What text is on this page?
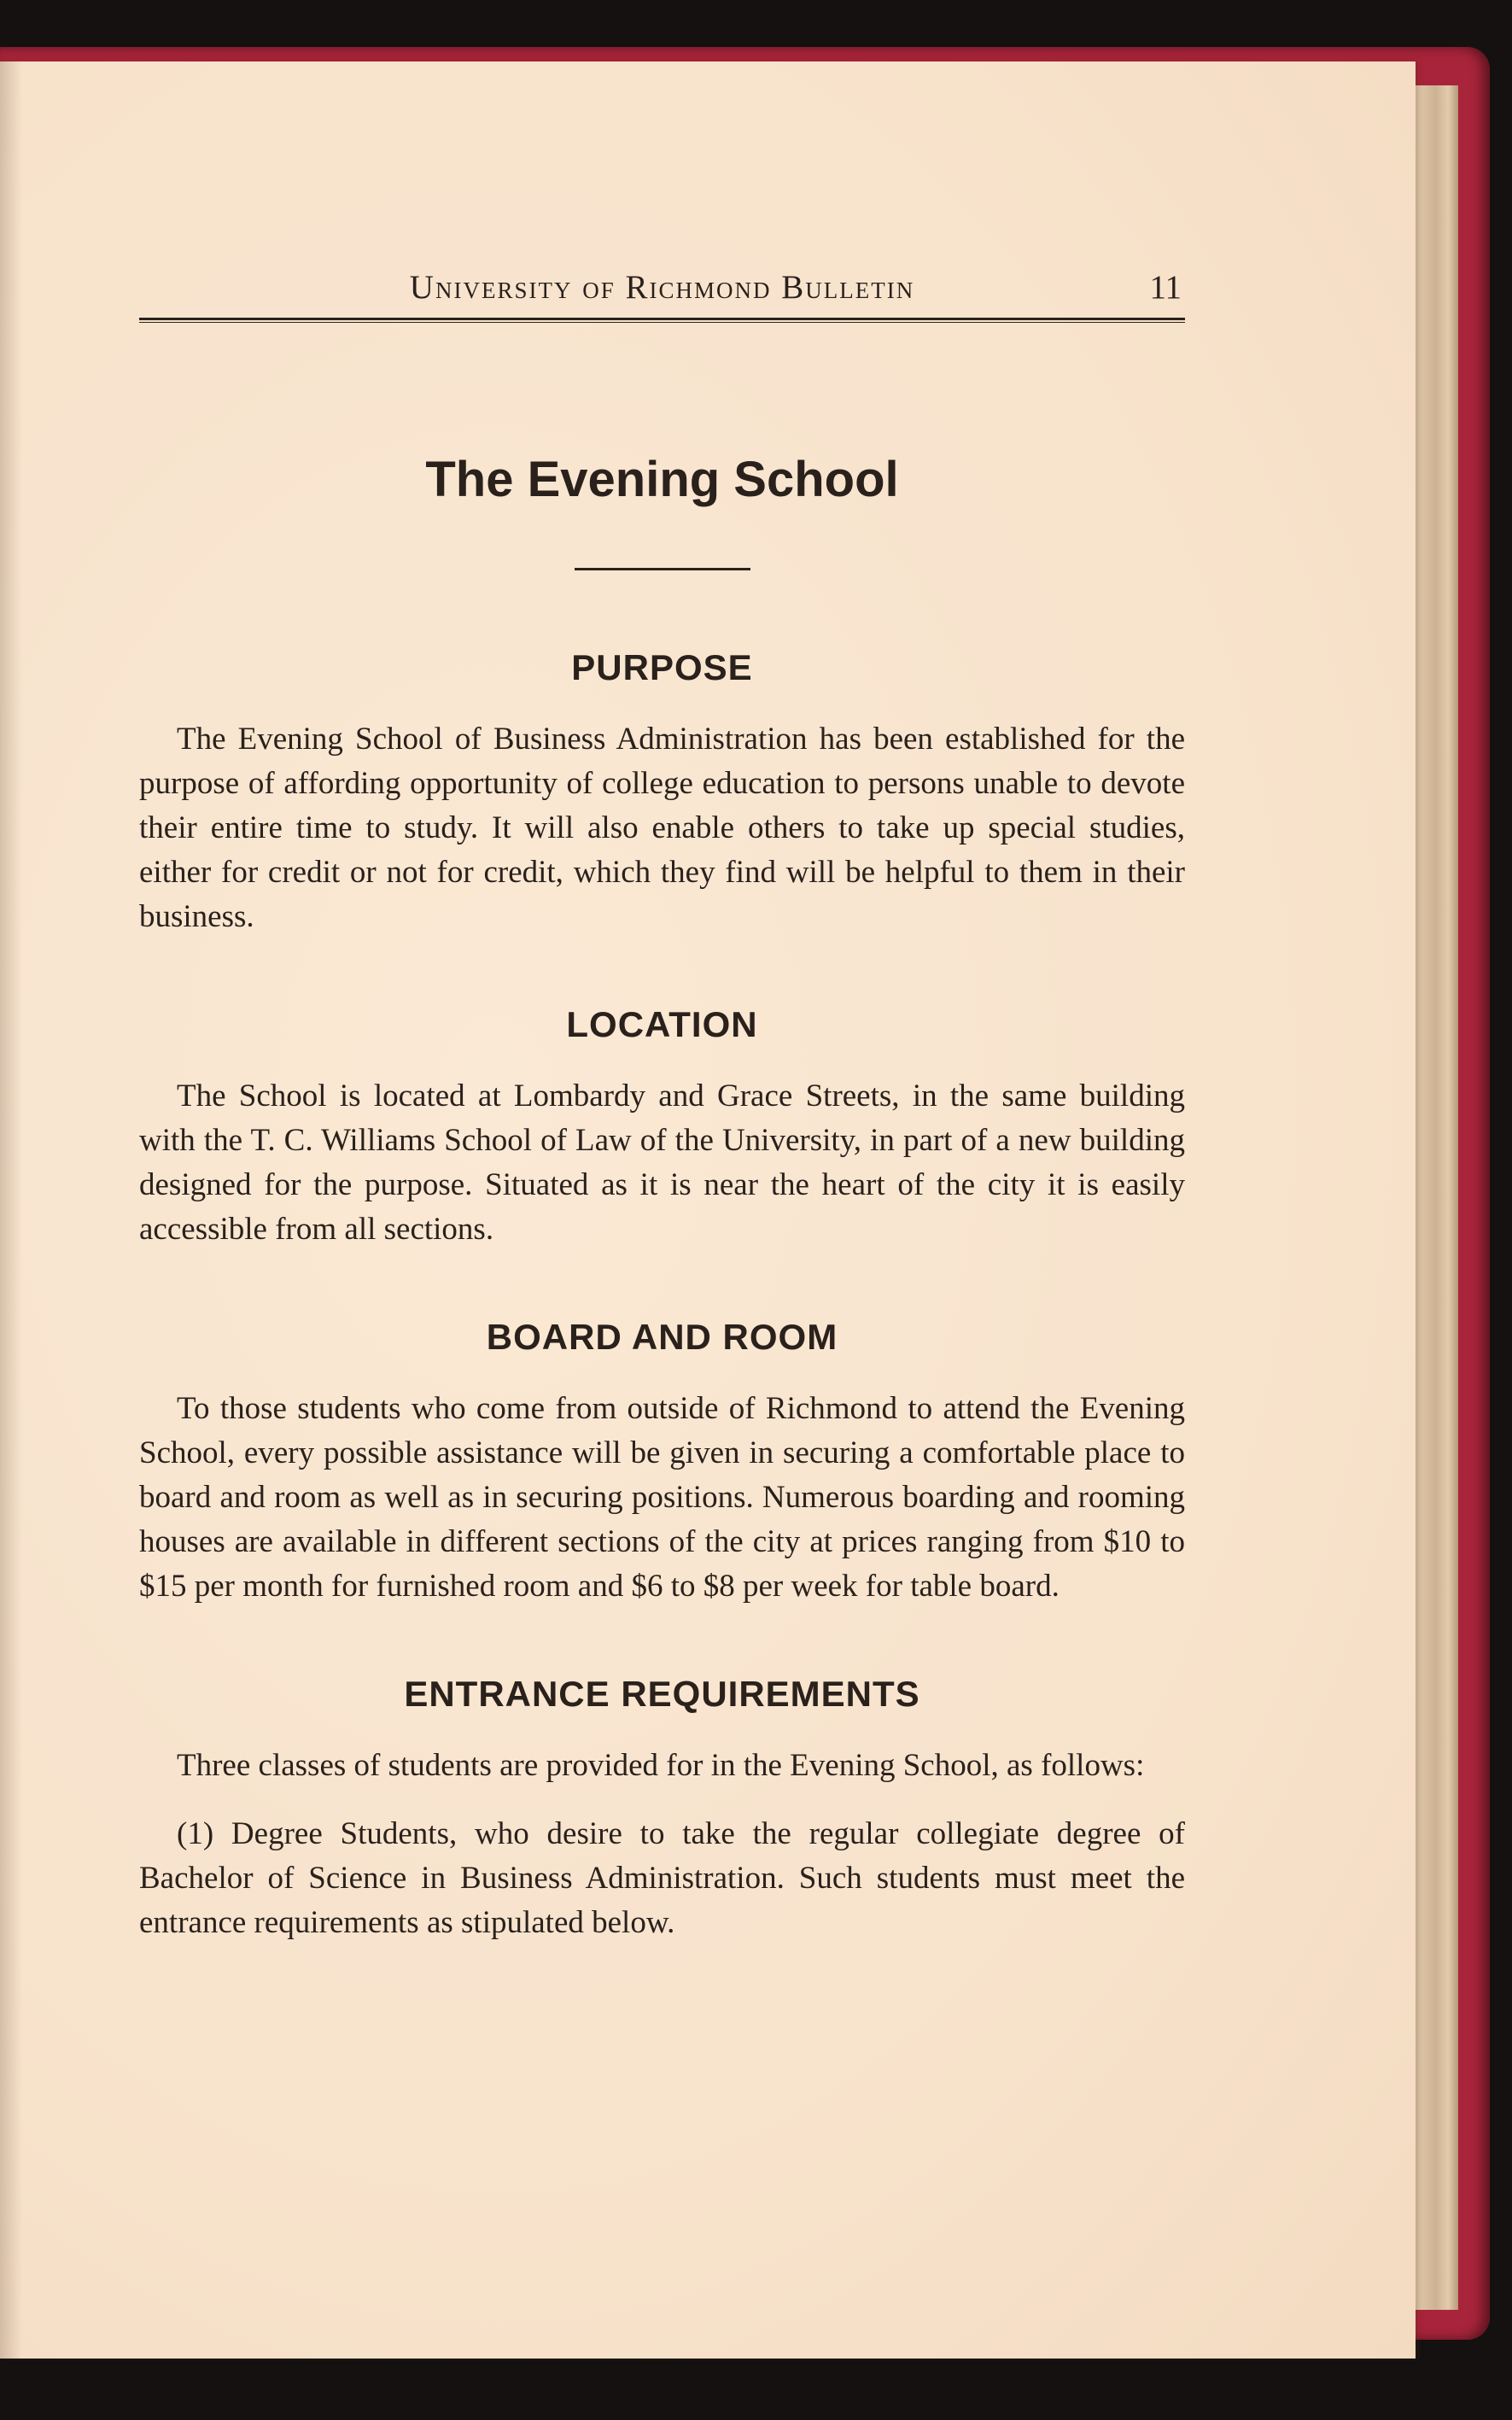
University of Richmond Bulletin	11
The Evening School
PURPOSE

The Evening School of Business Administration has been established for the purpose of affording opportunity of college education to persons unable to devote their entire time to study. It will also enable others to take up special studies, either for credit or not for credit, which they find will be helpful to them in their business.

LOCATION

The School is located at Lombardy and Grace Streets, in the same building with the T. C. Williams School of Law of the University, in part of a new building designed for the purpose. Situated as it is near the heart of the city it is easily accessible from all sections.

BOARD AND ROOM

To those students who come from outside of Richmond to attend the Evening School, every possible assistance will be given in securing a comfortable place to board and room as well as in securing positions. Numerous boarding and rooming houses are available in different sections of the city at prices ranging from $10 to $15 per month for furnished room and $6 to $8 per week for table board.

ENTRANCE REQUIREMENTS

Three classes of students are provided for in the Evening School, as follows:

(1) Degree Students, who desire to take the regular collegiate degree of Bachelor of Science in Business Administration. Such students must meet the entrance requirements as stipulated below.
